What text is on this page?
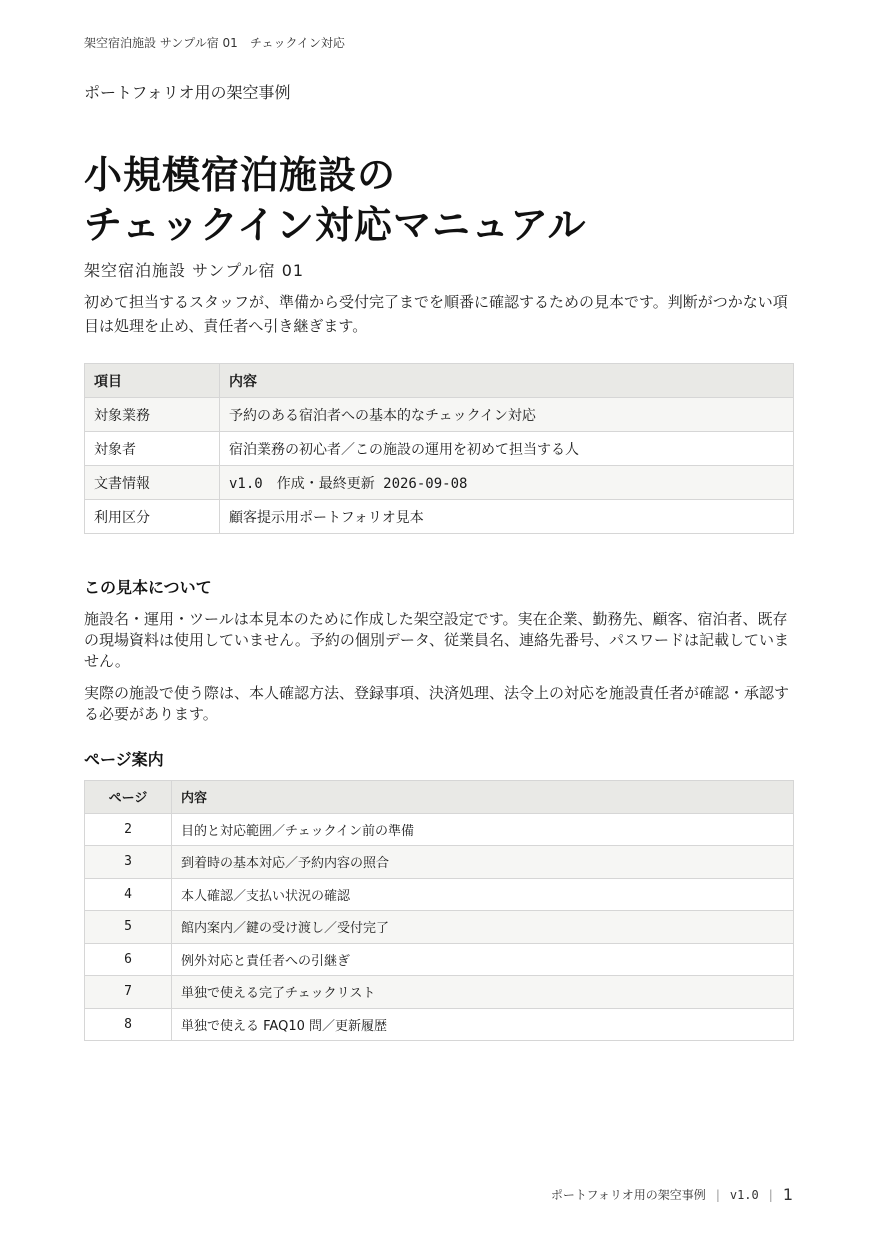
架空宿泊施設 サンプル宿 01　チェックイン対応
ポートフォリオ用の架空事例
小規模宿泊施設の
チェックイン対応マニュアル
架空宿泊施設 サンプル宿 01

初めて担当するスタッフが、準備から受付完了までを順番に確認するための見本です。判断がつかない項目は処理を止め、責任者へ引き継ぎます。

項目	内容
対象業務	予約のある宿泊者への基本的なチェックイン対応
対象者	宿泊業務の初心者／この施設の運用を初めて担当する人
文書情報	v1.0　作成・最終更新 2026-09-08
利用区分	顧客提示用ポートフォリオ見本
この見本について

施設名・運用・ツールは本見本のために作成した架空設定です。実在企業、勤務先、顧客、宿泊者、既存の現場資料は使用していません。予約の個別データ、従業員名、連絡先番号、パスワードは記載していません。

実際の施設で使う際は、本人確認方法、登録事項、決済処理、法令上の対応を施設責任者が確認・承認する必要があります。

ページ案内
ページ	内容
2	目的と対応範囲／チェックイン前の準備
3	到着時の基本対応／予約内容の照合
4	本人確認／支払い状況の確認
5	館内案内／鍵の受け渡し／受付完了
6	例外対応と責任者への引継ぎ
7	単独で使える完了チェックリスト
8	単独で使える FAQ10 問／更新履歴
ポートフォリオ用の架空事例 | v1.0 | 1
